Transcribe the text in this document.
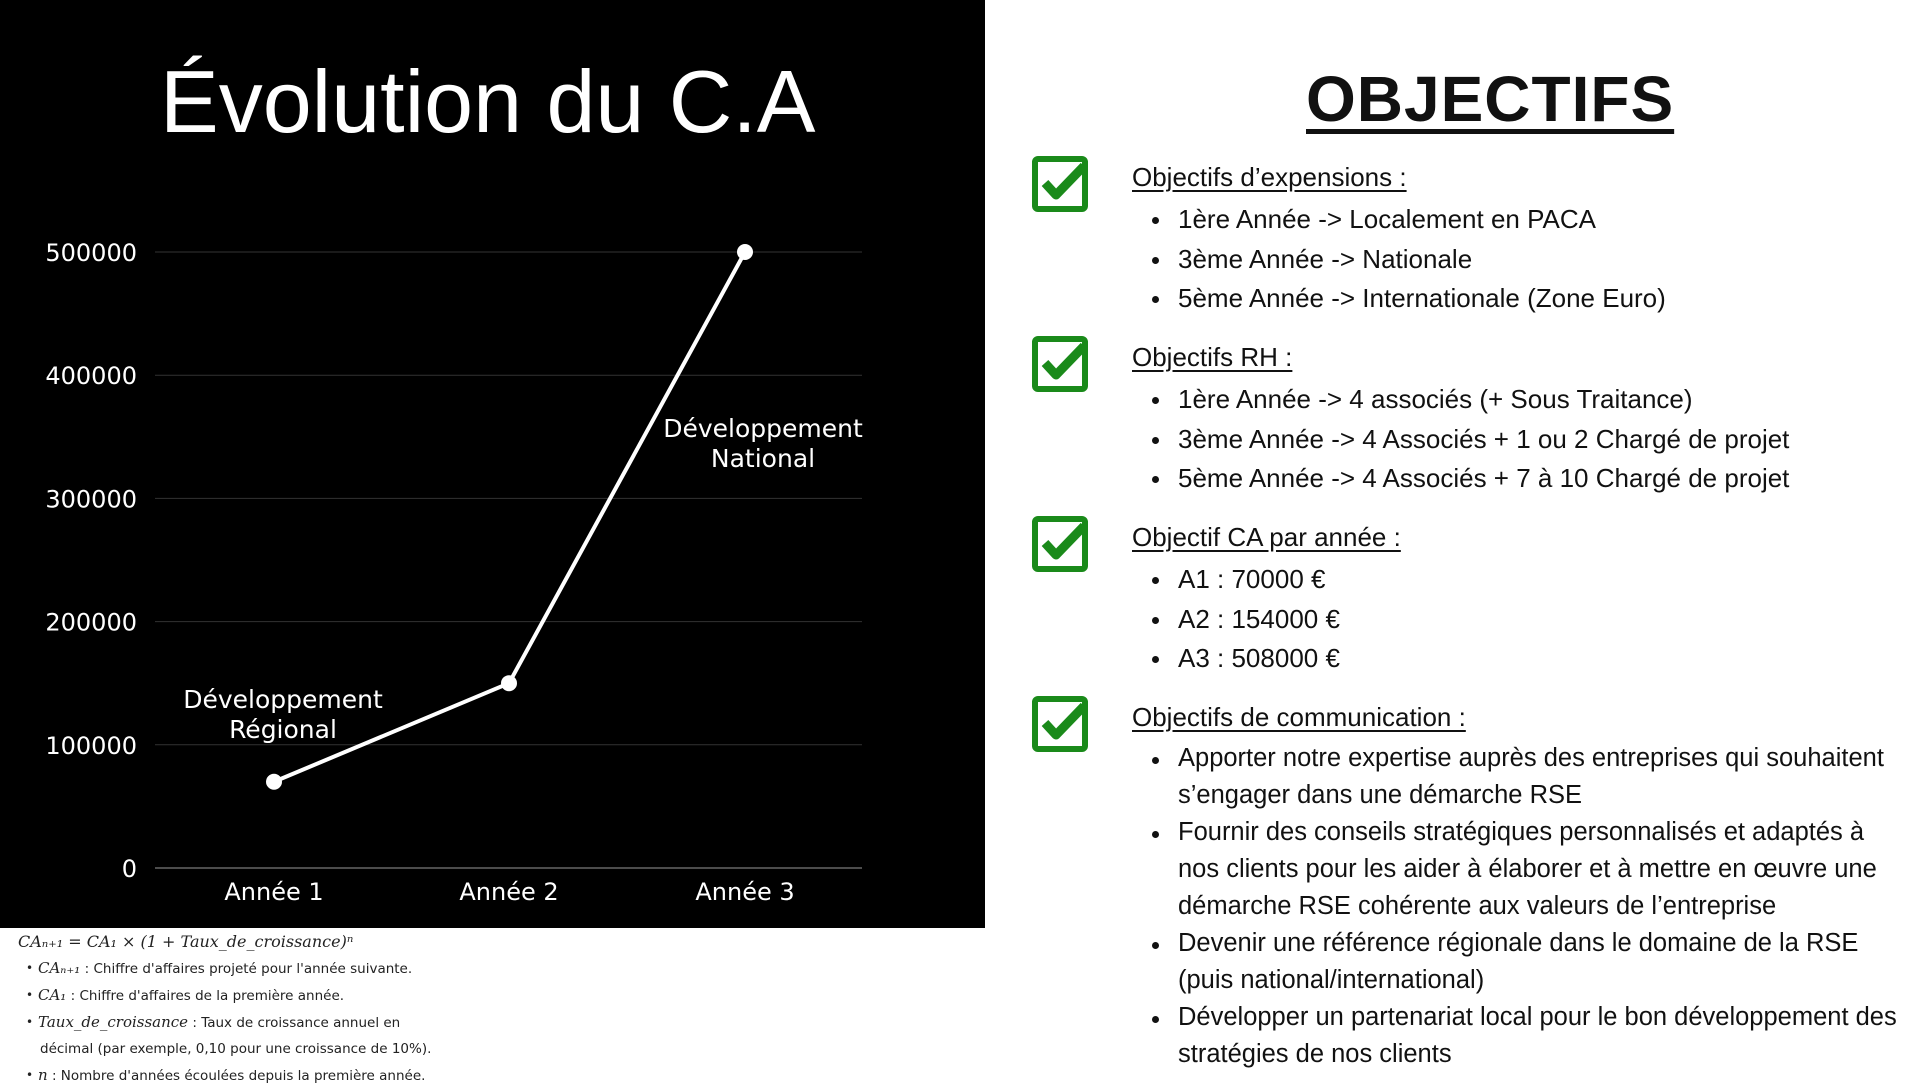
Évolution du C.A
0
100000
200000
300000
400000
500000
Année 1	Année 2	Année 3
Développement
Régional
Développement
National
CAₙ₊₁ = CA₁ × (1 + Taux_de_croissance)ⁿ
• CAₙ₊₁ : Chiffre d'affaires projeté pour l'année suivante.
• CA₁ : Chiffre d'affaires de la première année.
• Taux_de_croissance : Taux de croissance annuel en
décimal (par exemple, 0,10 pour une croissance de 10%).
• n : Nombre d'années écoulées depuis la première année.
OBJECTIFS
Objectifs d’expensions :
1ère Année -> Localement en PACA
3ème Année -> Nationale
5ème Année -> Internationale (Zone Euro)
Objectifs RH :
1ère Année -> 4 associés (+ Sous Traitance)
3ème Année -> 4 Associés + 1 ou 2 Chargé de projet
5ème Année -> 4 Associés + 7 à 10 Chargé de projet
Objectif CA par année :
A1 : 70000 €
A2 : 154000 €
A3 : 508000 €
Objectifs de communication :
Apporter notre expertise auprès des entreprises qui souhaitent s’engager dans une démarche RSE
Fournir des conseils stratégiques personnalisés et adaptés à nos clients pour les aider à élaborer et à mettre en œuvre une démarche RSE cohérente aux valeurs de l’entreprise
Devenir une référence régionale dans le domaine de la RSE (puis national/international)
Développer un partenariat local pour le bon développement des stratégies de nos clients
